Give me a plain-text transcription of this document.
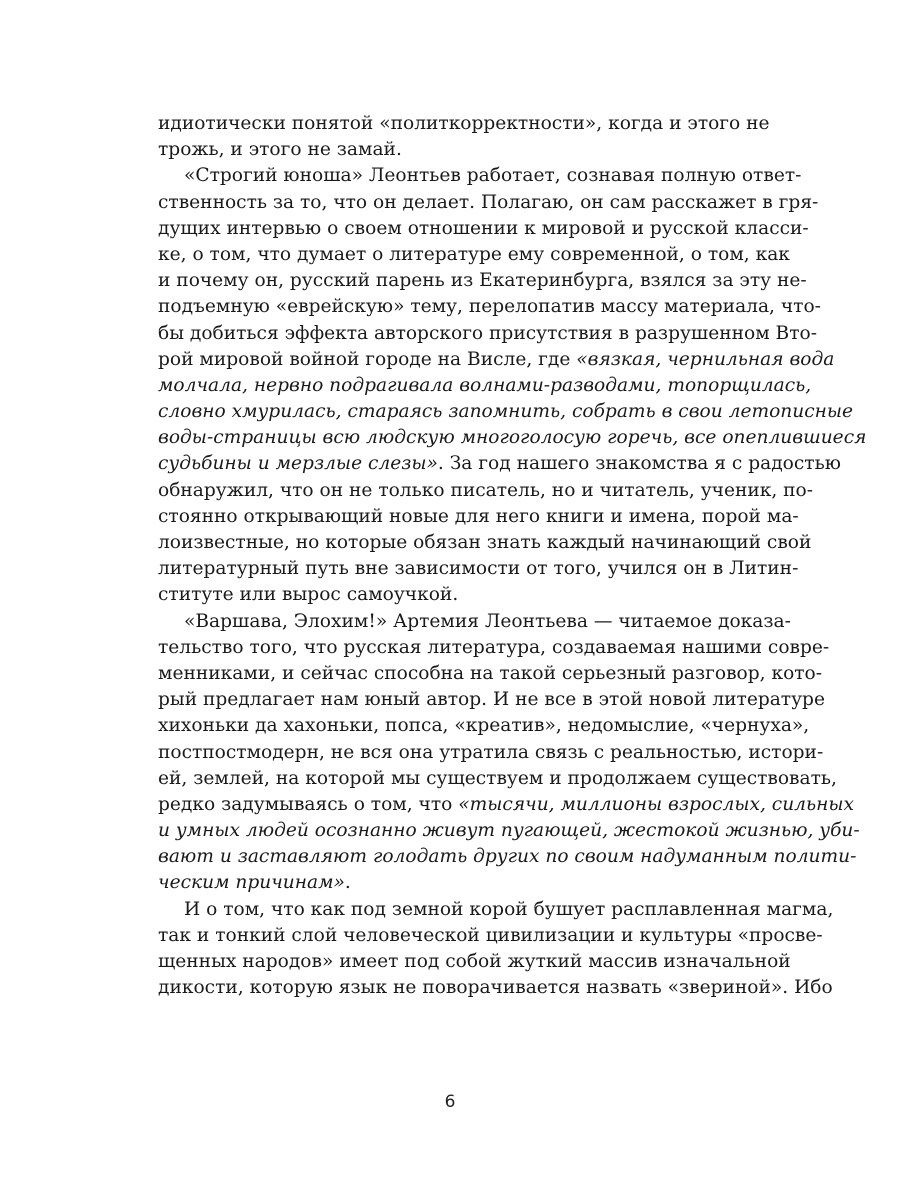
идиотически понятой «политкорректности», когда и этого не
трожь, и этого не замай.
«Строгий юноша» Леонтьев работает, сознавая полную ответ-
ственность за то, что он делает. Полагаю, он сам расскажет в гря-
дущих интервью о своем отношении к мировой и русской класси-
ке, о том, что думает о литературе ему современной, о том, как
и почему он, русский парень из Екатеринбурга, взялся за эту не-
подъемную «еврейскую» тему, перелопатив массу материала, что-
бы добиться эффекта авторского присутствия в разрушенном Вто-
рой мировой войной городе на Висле, где «вязкая, чернильная вода
молчала, нервно подрагивала волнами-разводами, топорщилась,
словно хмурилась, стараясь запомнить, собрать в свои летописные
воды-страницы всю людскую многоголосую горечь, все опеплившиеся
судьбины и мерзлые слезы». За год нашего знакомства я с радостью
обнаружил, что он не только писатель, но и читатель, ученик, по-
стоянно открывающий новые для него книги и имена, порой ма-
лоизвестные, но которые обязан знать каждый начинающий свой
литературный путь вне зависимости от того, учился он в Литин-
ституте или вырос самоучкой.
«Варшава, Элохим!» Артемия Леонтьева — читаемое доказа-
тельство того, что русская литература, создаваемая нашими совре-
менниками, и сейчас способна на такой серьезный разговор, кото-
рый предлагает нам юный автор. И не все в этой новой литературе
хихоньки да хахоньки, попса, «креатив», недомыслие, «чернуха»,
постпостмодерн, не вся она утратила связь с реальностью, истори-
ей, землей, на которой мы существуем и продолжаем существовать,
редко задумываясь о том, что «тысячи, миллионы взрослых, сильных
и умных людей осознанно живут пугающей, жестокой жизнью, уби-
вают и заставляют голодать других по своим надуманным полити-
ческим причинам».
И о том, что как под земной корой бушует расплавленная магма,
так и тонкий слой человеческой цивилизации и культуры «просве-
щенных народов» имеет под собой жуткий массив изначальной
дикости, которую язык не поворачивается назвать «звериной». Ибо
6
